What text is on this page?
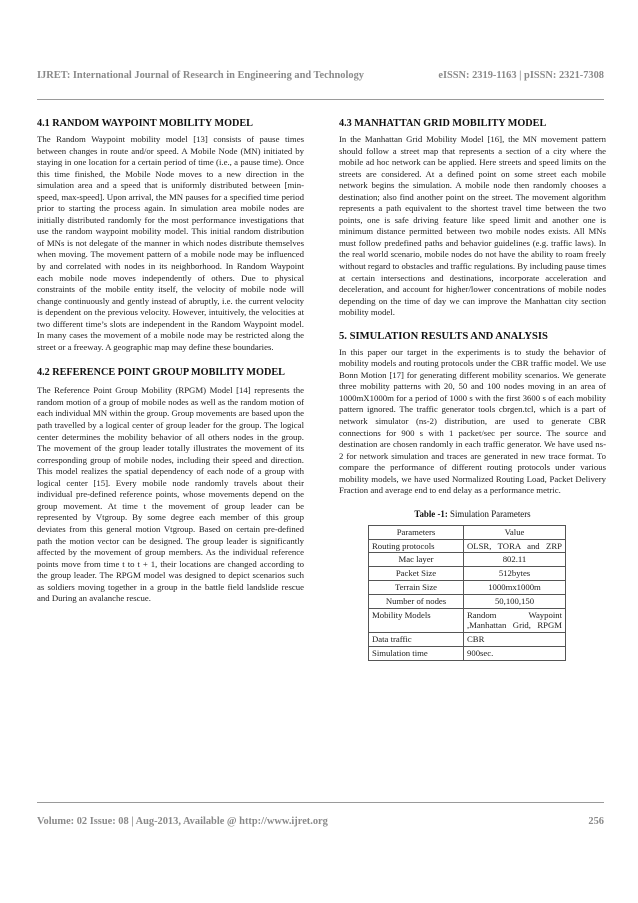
IJRET: International Journal of Research in Engineering and Technology	eISSN: 2319-1163 | pISSN: 2321-7308
4.1 RANDOM WAYPOINT MOBILITY MODEL

The Random Waypoint mobility model [13] consists of pause times between changes in route and/or speed. A Mobile Node (MN) initiated by staying in one location for a certain period of time (i.e., a pause time). Once this time finished, the Mobile Node moves to a new direction in the simulation area and a speed that is uniformly distributed between [min-speed, max-speed]. Upon arrival, the MN pauses for a specified time period prior to starting the process again. In simulation area mobile nodes are initially distributed randomly for the most performance investigations that use the random waypoint mobility model. This initial random distribution of MNs is not delegate of the manner in which nodes distribute themselves when moving. The movement pattern of a mobile node may be influenced by and correlated with nodes in its neighborhood. In Random Waypoint each mobile node moves independently of others. Due to physical constraints of the mobile entity itself, the velocity of mobile node will change continuously and gently instead of abruptly, i.e. the current velocity is dependent on the previous velocity. However, intuitively, the velocities at two different time’s slots are independent in the Random Waypoint model. In many cases the movement of a mobile node may be restricted along the street or a freeway. A geographic map may define these boundaries.

4.2 REFERENCE POINT GROUP MOBILITY MODEL

The Reference Point Group Mobility (RPGM) Model [14] represents the random motion of a group of mobile nodes as well as the random motion of each individual MN within the group. Group movements are based upon the path travelled by a logical center of group leader for the group. The logical center determines the mobility behavior of all others nodes in the group. The movement of the group leader totally illustrates the movement of its corresponding group of mobile nodes, including their speed and direction. This model realizes the spatial dependency of each node of a group with logical center [15]. Every mobile node randomly travels about their individual pre-defined reference points, whose movements depend on the group movement. At time t the movement of group leader can be represented by Vtgroup. By some degree each member of this group deviates from this general motion Vtgroup. Based on certain pre-defined path the motion vector can be designed. The group leader is significantly affected by the movement of group members. As the individual reference points move from time t to t + 1, their locations are changed according to the group leader. The RPGM model was designed to depict scenarios such as soldiers moving together in a group in the battle field landslide rescue and During an avalanche rescue.

4.3 MANHATTAN GRID MOBILITY MODEL

In the Manhattan Grid Mobility Model [16], the MN movement pattern should follow a street map that represents a section of a city where the mobile ad hoc network can be applied. Here streets and speed limits on the streets are considered. At a defined point on some street each mobile network begins the simulation. A mobile node then randomly chooses a destination; also find another point on the street. The movement algorithm represents a path equivalent to the shortest travel time between the two points, one is safe driving feature like speed limit and another one is minimum distance permitted between two mobile nodes exists. All MNs must follow predefined paths and behavior guidelines (e.g. traffic laws). In the real world scenario, mobile nodes do not have the ability to roam freely without regard to obstacles and traffic regulations. By including pause times at certain intersections and destinations, incorporate acceleration and deceleration, and account for higher/lower concentrations of mobile nodes depending on the time of day we can improve the Manhattan city section mobility model.

5. SIMULATION RESULTS AND ANALYSIS

In this paper our target in the experiments is to study the behavior of mobility models and routing protocols under the CBR traffic model. We use Bonn Motion [17] for generating different mobility scenarios. We generate three mobility patterns with 20, 50 and 100 nodes moving in an area of 1000mX1000m for a period of 1000 s with the first 3600 s of each mobility pattern ignored. The traffic generator tools cbrgen.tcl, which is a part of network simulator (ns-2) distribution, are used to generate CBR connections for 900 s with 1 packet/sec per source. The source and destination are chosen randomly in each traffic generator. We have used ns-2 for network simulation and traces are generated in new trace format. To compare the performance of different routing protocols under various mobility models, we have used Normalized Routing Load, Packet Delivery Fraction and average end to end delay as a performance metric.

Table -1: Simulation Parameters

Parameters	Value
Routing protocols	OLSR, TORA and ZRP
Mac layer	802.11
Packet Size	512bytes
Terrain Size	1000mx1000m
Number of nodes	50,100,150
Mobility Models	Random Waypoint ,Manhattan Grid, RPGM
Data traffic	CBR
Simulation time	900sec.
Volume: 02 Issue: 08 | Aug-2013, Available @ http://www.ijret.org	256
